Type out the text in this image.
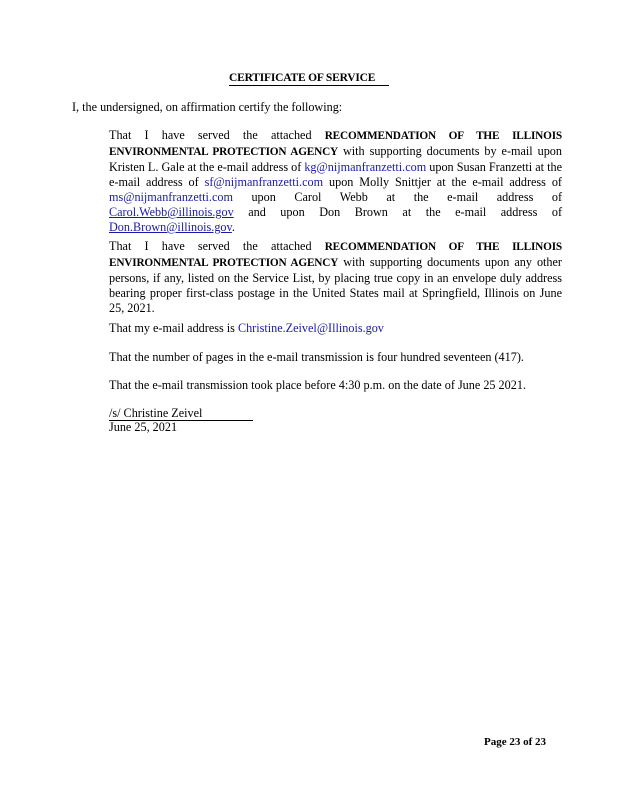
CERTIFICATE OF SERVICE
I, the undersigned, on affirmation certify the following:
That I have served the attached RECOMMENDATION OF THE ILLINOIS ENVIRONMENTAL PROTECTION AGENCY with supporting documents by e-mail upon Kristen L. Gale at the e-mail address of kg@nijmanfranzetti.com upon Susan Franzetti at the e-mail address of sf@nijmanfranzetti.com upon Molly Snittjer at the e-mail address of ms@nijmanfranzetti.com upon Carol Webb at the e-mail address of Carol.Webb@illinois.gov and upon Don Brown at the e-mail address of Don.Brown@illinois.gov.
That I have served the attached RECOMMENDATION OF THE ILLINOIS ENVIRONMENTAL PROTECTION AGENCY with supporting documents upon any other persons, if any, listed on the Service List, by placing true copy in an envelope duly address bearing proper first-class postage in the United States mail at Springfield, Illinois on June 25, 2021.
That my e-mail address is Christine.Zeivel@Illinois.gov
That the number of pages in the e-mail transmission is four hundred seventeen (417).
That the e-mail transmission took place before 4:30 p.m. on the date of June 25 2021.
/s/ Christine Zeivel
June 25, 2021
Page 23 of 23
